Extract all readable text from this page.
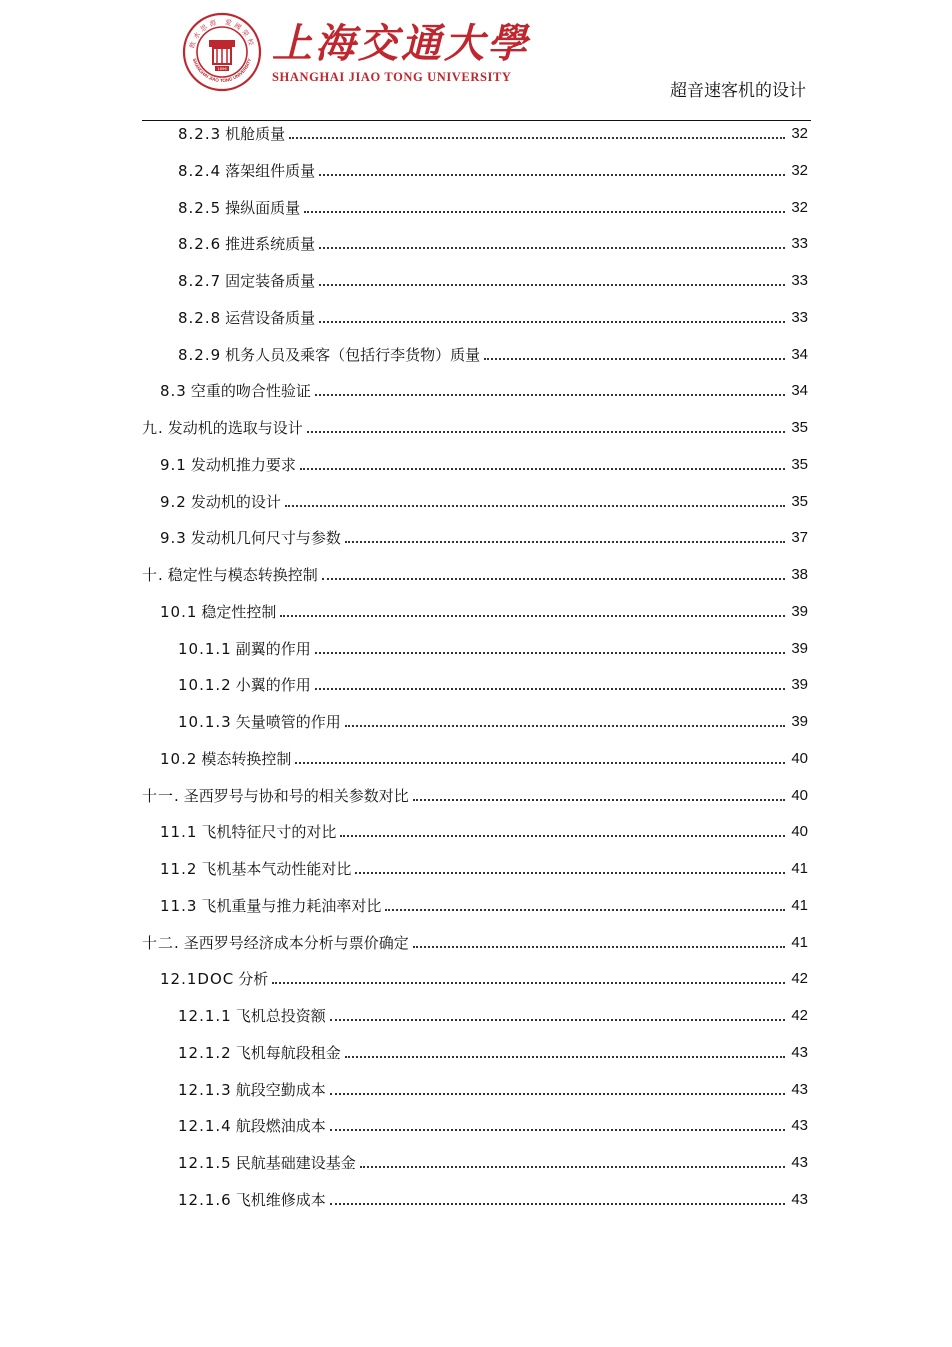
飲水思源 愛國榮校
SHANGHAI JIAO TONG UNIVERSITY
1896
上海交通大學
SHANGHAI JIAO TONG UNIVERSITY
超音速客机的设计
8.2.3 机舱质量	32
8.2.4 落架组件质量	32
8.2.5 操纵面质量	32
8.2.6 推进系统质量	33
8.2.7 固定装备质量	33
8.2.8 运营设备质量	33
8.2.9 机务人员及乘客（包括行李货物）质量	34
8.3 空重的吻合性验证	34
九. 发动机的选取与设计	35
9.1 发动机推力要求	35
9.2 发动机的设计	35
9.3 发动机几何尺寸与参数	37
十. 稳定性与模态转换控制	38
10.1 稳定性控制	39
10.1.1 副翼的作用	39
10.1.2 小翼的作用	39
10.1.3 矢量喷管的作用	39
10.2 模态转换控制	40
十一. 圣西罗号与协和号的相关参数对比	40
11.1 飞机特征尺寸的对比	40
11.2 飞机基本气动性能对比	41
11.3 飞机重量与推力耗油率对比	41
十二. 圣西罗号经济成本分析与票价确定	41
12.1DOC 分析	42
12.1.1 飞机总投资额	42
12.1.2 飞机每航段租金	43
12.1.3 航段空勤成本	43
12.1.4 航段燃油成本	43
12.1.5 民航基础建设基金	43
12.1.6 飞机维修成本	43
